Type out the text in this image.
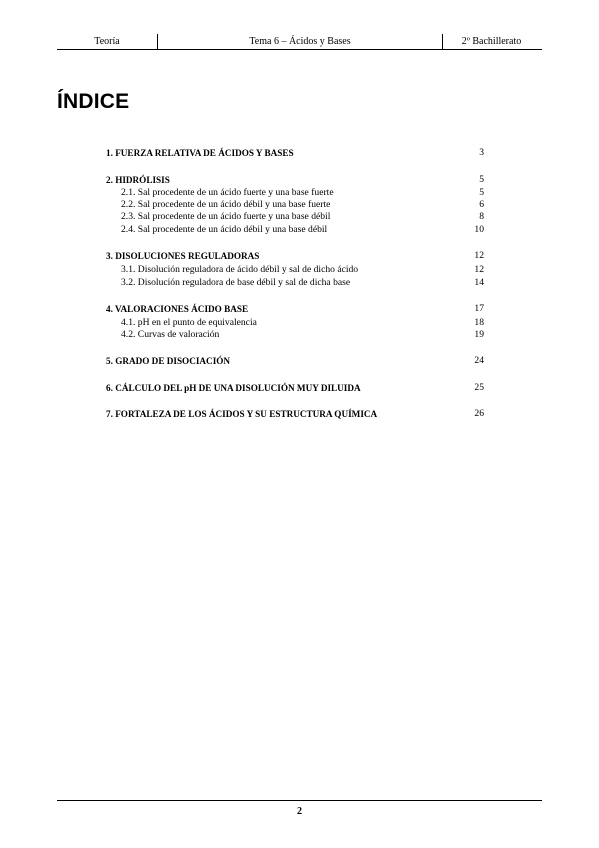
Teoría	Tema 6 – Ácidos y Bases	2º Bachillerato
ÍNDICE
1. FUERZA RELATIVA DE ÁCIDOS Y BASES	3
2. HIDRÓLISIS	5
2.1. Sal procedente de un ácido fuerte y una base fuerte	5
2.2. Sal procedente de un ácido débil y una base fuerte	6
2.3. Sal procedente de un ácido fuerte y una base débil	8
2.4. Sal procedente de un ácido débil y una base débil	10
3. DISOLUCIONES REGULADORAS	12
3.1. Disolución reguladora de ácido débil y sal de dicho ácido	12
3.2. Disolución reguladora de base débil y sal de dicha base	14
4. VALORACIONES ÁCIDO BASE	17
4.1. pH en el punto de equivalencia	18
4.2. Curvas de valoración	19
5. GRADO DE DISOCIACIÓN	24
6. CÁLCULO DEL pH DE UNA DISOLUCIÓN MUY DILUIDA	25
7. FORTALEZA DE LOS ÁCIDOS Y SU ESTRUCTURA QUÍMICA	26
2
